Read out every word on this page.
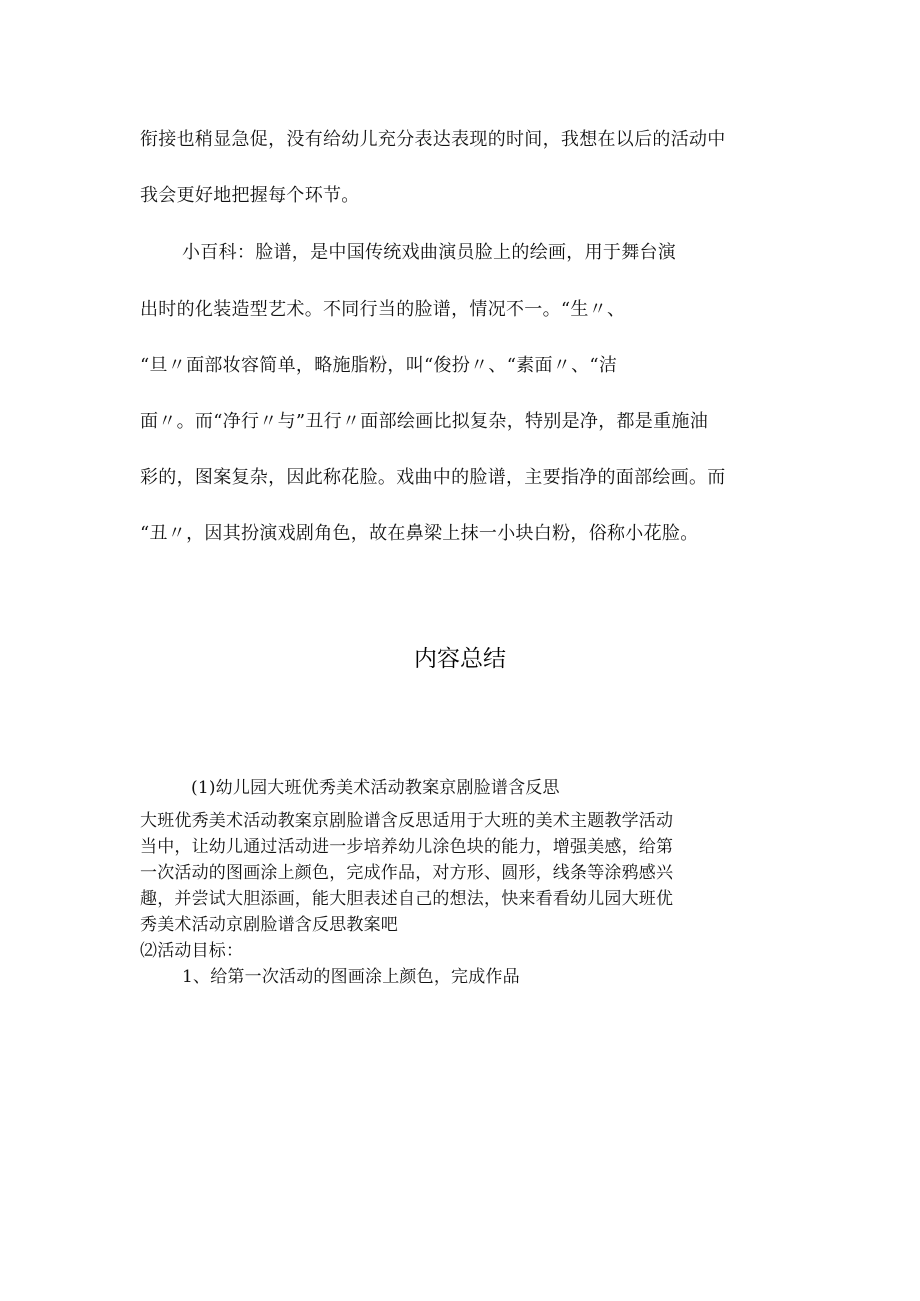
衔接也稍显急促，没有给幼儿充分表达表现的时间，我想在以后的活动中
我会更好地把握每个环节。
小百科：脸谱，是中国传统戏曲演员脸上的绘画，用于舞台演
出时的化装造型艺术。不同行当的脸谱，情况不一。“生〃、
“旦〃面部妆容简单，略施脂粉，叫“俊扮〃、“素面〃、“洁
面〃。而“净行〃与”丑行〃面部绘画比拟复杂，特别是净，都是重施油
彩的，图案复杂，因此称花脸。戏曲中的脸谱，主要指净的面部绘画。而
“丑〃，因其扮演戏剧角色，故在鼻梁上抹一小块白粉，俗称小花脸。
内容总结
(1)幼儿园大班优秀美术活动教案京剧脸谱含反思
大班优秀美术活动教案京剧脸谱含反思适用于大班的美术主题教学活动
当中，让幼儿通过活动进一步培养幼儿涂色块的能力，增强美感，给第
一次活动的图画涂上颜色，完成作品，对方形、圆形，线条等涂鸦感兴
趣，并尝试大胆添画，能大胆表述自己的想法，快来看看幼儿园大班优
秀美术活动京剧脸谱含反思教案吧
⑵活动目标：
1、给第一次活动的图画涂上颜色，完成作品
